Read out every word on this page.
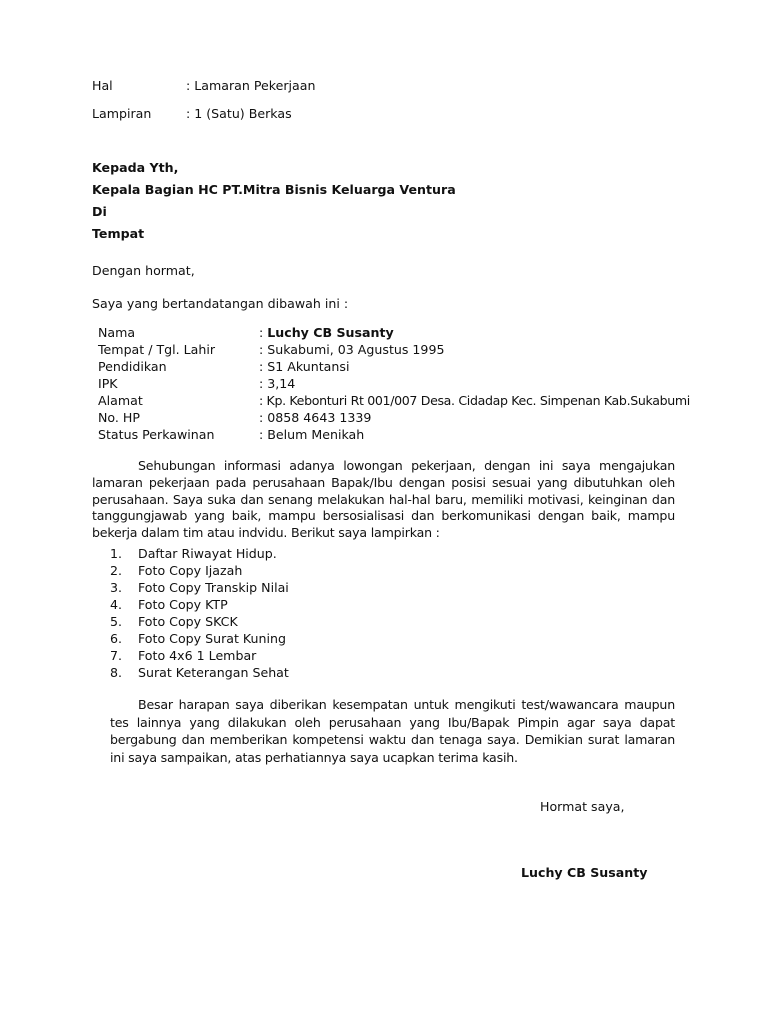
Hal	: Lamaran Pekerjaan
Lampiran	: 1 (Satu) Berkas
Kepada Yth,
Kepala Bagian HC PT.Mitra Bisnis Keluarga Ventura
Di
Tempat
Dengan hormat,
Saya yang bertandatangan dibawah ini :
Nama	: Luchy CB Susanty
Tempat / Tgl. Lahir	: Sukabumi, 03 Agustus 1995
Pendidikan	: S1 Akuntansi
IPK	: 3,14
Alamat	: Kp. Kebonturi Rt 001/007 Desa. Cidadap Kec. Simpenan Kab.Sukabumi
No. HP	: 0858 4643 1339
Status Perkawinan	: Belum Menikah
Sehubungan informasi adanya lowongan pekerjaan, dengan ini saya mengajukan lamaran pekerjaan pada perusahaan Bapak/Ibu dengan posisi sesuai yang dibutuhkan oleh perusahaan. Saya suka dan senang melakukan hal-hal baru, memiliki motivasi, keinginan dan tanggungjawab yang baik, mampu bersosialisasi dan berkomunikasi dengan baik, mampu bekerja dalam tim atau indvidu. Berikut saya lampirkan :
1. Daftar Riwayat Hidup.
2. Foto Copy Ijazah
3. Foto Copy Transkip Nilai
4. Foto Copy KTP
5. Foto Copy SKCK
6. Foto Copy Surat Kuning
7. Foto 4x6 1 Lembar
8. Surat Keterangan Sehat
Besar harapan saya diberikan kesempatan untuk mengikuti test/wawancara maupun tes lainnya yang dilakukan oleh perusahaan yang Ibu/Bapak Pimpin agar saya dapat bergabung dan memberikan kompetensi waktu dan tenaga saya. Demikian surat lamaran ini saya sampaikan, atas perhatiannya saya ucapkan terima kasih.
Hormat saya,
Luchy CB Susanty
